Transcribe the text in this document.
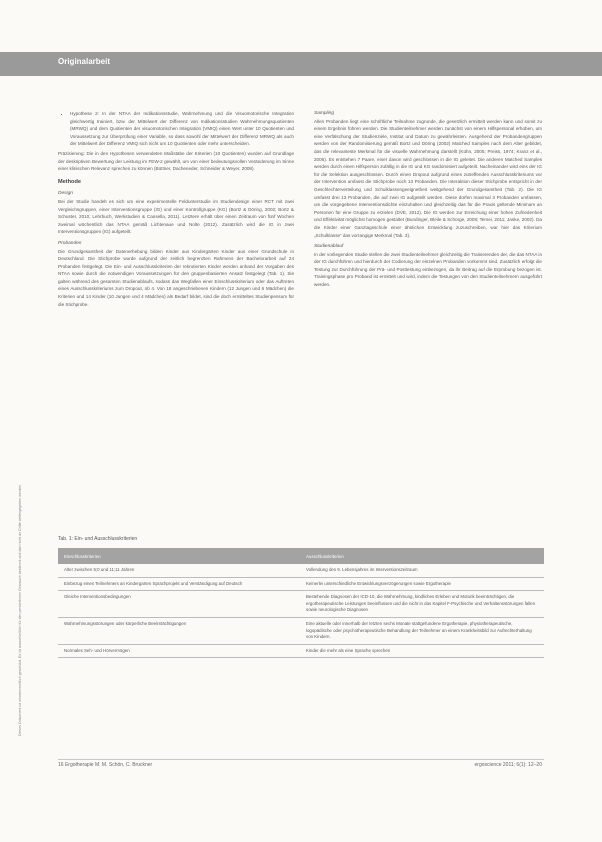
Originalarbeit
Dieses Dokument ist urheberrechtlich geschützt. Es ist ausschließlich für den persönlichen Gebrauch bestimmt und darf nicht an Dritte weitergegeben werden.
• Hypothese 2: In der NTAA der Indikationsstudie, Wahrnehmung und die Visuomotorische Integration gleichwertig trainiert, bzw. der Mittelwert der Differenz von Indikationsstudien Wahrnehmungsquotienten (MRWQ) und dem Quotienten der visuomotorischen Integration (VMIQ) einen Wert unter 10 Quotienten und Voraussetzung zur Überprüfung einer Variable, so dass sowohl der Mittelwert der Differenz MRWQ als auch der Mittelwert der Differenz VMIQ sich nicht um 10 Quotienten oder mehr unterscheiden.

Präzisierung: Die in den Hypothesen verwendeten Maßstäbe der Kriterien (10 Quotienten) wurden auf Grundlage der deskriptiven Bewertung der Leistung im FEW-2 gewählt, um von einer bedeutungsvollen Veränderung im Sinne einer klinischen Relevanz sprechen zu können (Büttner, Dacheneder, Schneider & Weyer, 2008).

Methode
Design

Bei der Studie handelt es sich um eine experimentelle Feldunterstudie im Studiendesign einer RCT mit zwei Vergleichsgruppen, einer Interventionsgruppe (IG) und einer Kontrollgruppe (KG) (Bortz & Döring, 2002; Bortz & Schuster, 2010; Lehrbuch, Werkstudien & Cansella, 2011). Letztere erhält über einen Zeitraum von fünf Wochen zweimal wöchentlich das NTAA gemäß Lichtenaue und Nolte (2012). Zusätzlich wird die IG in zwei Interventionsgruppen (IG) aufgeteilt.

Probanden

Die Grundgesamtheit der Datenerhebung bilden Kinder aus Kindergärten Kinder aus einer Grundschule in Deutschland. Die Stichprobe wurde aufgrund der zeitlich begrenzten Rahmens der Bachelorarbeit auf 24 Probanden festgelegt. Die Ein- und Ausschlusskriterien der rekrutierten Kinder werden anhand der Vorgaben des NTAA sowie durch die notwendigen Voraussetzungen für den gruppenbasierten Ansatz festgelegt (Tab. 1). Sie galten während des gesamten Studienablaufs, sodass das Wegfallen einer Einschlusskriterium oder das Auftreten eines Ausschlusskriteriums zum Dropout, ob 4. Von 18 angeschriebenen Kindern (12 Jungen und 6 Mädchen) die Kriterien und 14 Kinder (10 Jungen und 4 Mädchen) als Bedarf bildet, sind die doch ermitteltes Studienpensum für die Stichprobe.

Sampling

Allen Probanden liegt eine schriftliche Teilnahme zugrunde, die gesetzlich ermittelt werden kann und somit zu einem Ergebnis führen werden. Die Studienteilnehmer werden zunächst von einem Hilfspersonal erhoben, um eine Verfälschung der Studienziele, Institut und Datum zu gewährleisten. Ausgehend der Probandengruppen werden von der Randomisierung gemäß Bortz und Döring (2002) Matched Samples nach dem Alter gebildet, das die relevanteste Merkmal für die visuelle Wahrnehmung darstellt (Kühn, 2005; Preiss, 1974; Kranz et al., 2006). Es entstehen 7 Paare, einer davon wird geschlossen in die IG geleitet. Die anderen Matched Samples werden durch einen Hilfsperson zufällig in die IG und KG randomisiert aufgeteilt. Nacheinander wird eins der IG für die Selektion ausgeschlossen. Durch einen Dropout aufgrund eines zutreffenden Ausschlusskriteriums vor der Intervention umfasst die Stichprobe noch 13 Probanden. Die Interaktion dieser Stichprobe entspricht in der Geschlechterverteilung und Schulklassengeeignetheit weitgehend der Grundgesamtheit (Tab. 2). Die IG umfasst drei 13 Probanden, die auf zwei IG aufgeteilt werden. Diese dürfen maximal 3 Probanden umfassen, um die vorgegebene Interventionsdichte einzuhalten und gleichzeitig das für die Praxis geltende Minimum an Personen für eine Gruppe zu erzielen (DVE, 2012). Die IG werden zur Erreichung einer hohen Zufriedenheit und Effektivität möglichst homogen gestaltet (Bundinger, Bleile & Schorge, 2008; Temei, 2011; Janke, 2002). Da die Kinder einer Ganztagsschule einer ähnlichen Entwicklung zuzuschreiben, war hier das Kriterium „Schulklasse“ das vorrangige Merkmal (Tab. 3).

Studienablauf

In der vorliegenden Studie stellen die zwei Studienteilnehmer gleichzeitig die Trainierenden der, die das NTAA in der IG durchführen und hierdurch der Codierung der einzelnen Probanden vorkommt sind. Zusätzlich erfolgt die Testung zur Durchführung der Prä- und Posttestung einbezogen, da ihr Beitrag auf die Erprobung bezogen ist. Trainingsphase pro Proband ist ermittelt und wird, indem die Testungen von den Studienteilnehmern ausgeführt werden.

Tab. 1: Ein- und Ausschlusskriterien
Einschlusskriterien	Ausschlusskriterien
Alter zwischen 5;0 und 11;11 Jahren	Vollendung des 9. Lebensjahres im Interventionszeitraum
Einbezug eines Teilnehmers an Kindergarten Sprachprojekt und Verständigung auf Deutsch	Keinerlei unterschiedliche Entwicklungsverzögerungen sowie Ergotherapie
Gleiche Interventionsbedingungen	Bestehende Diagnosen der ICD-10, die Wahrnehmung, kindliches Erleben und Motorik beeinträchtigen, die ergotherapeutische Leistungen beeinflussen und die nicht in das Kapitel F-Psychische und Verhaltensstörungen fallen sowie neurologische Diagnosen
Wahrnehmungsstörungen oder körperliche Beeinträchtigungen	Eine aktuelle oder innerhalb der letzten sechs Monate stattgefundene Ergotherapie, physiotherapeutische, logopädische oder psychotherapeutische Behandlung der Teilnehmer an einem Krankheitsbild zur Aufrechterhaltung von Kindern.
Normales Seh- und Hörvermögen	Kinder die mehr als eine Sprache sprechen
16 Ergotherapie M. M. Schön, C. Bruckner	ergoscience 2011; 6(1): 12–20
